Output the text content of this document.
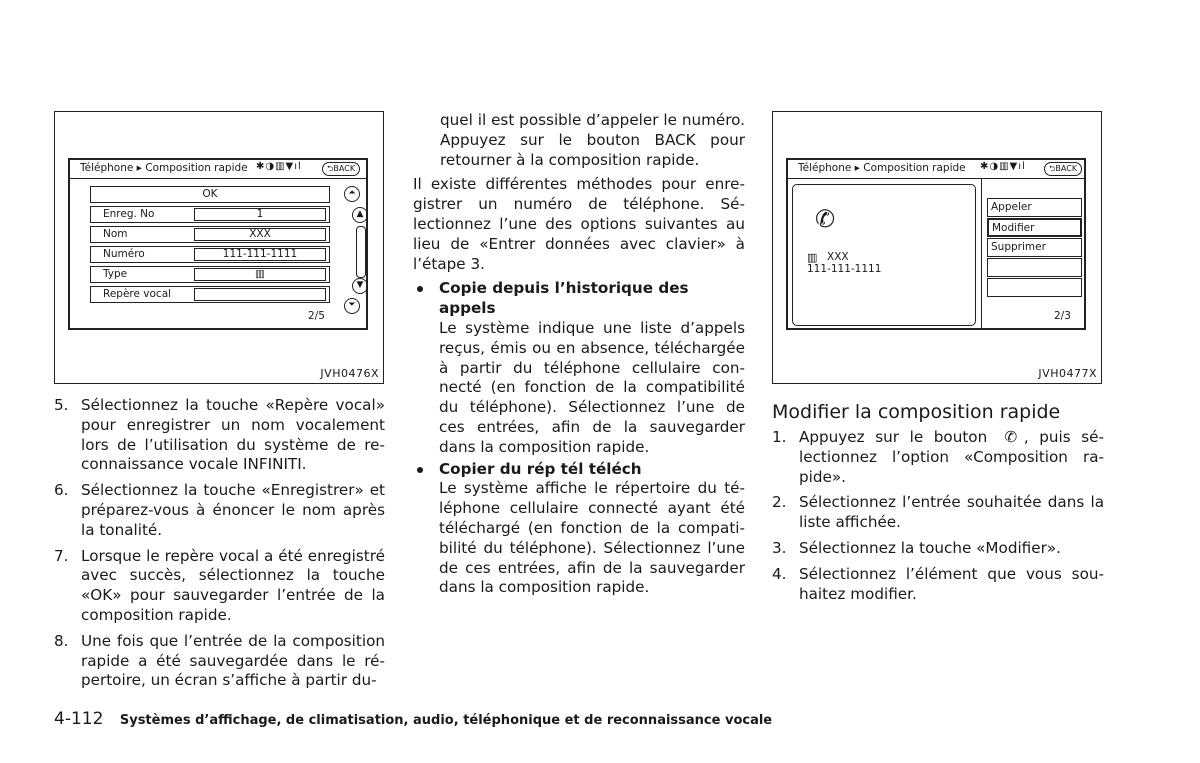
Téléphone ▸ Composition rapide ✱◑▥▼ıl	⮌BACK
OK
Enreg. No	1
Nom	XXX
Numéro	111-111-1111
Type	▥
Repère vocal
2/5
⏶
▲
▼
⏷
JVH0476X
5. Sélectionnez la touche «Repère vocal» pour enregistrer un nom vocalement lors de l’utilisation du système de reconnaissance vocale INFINITI.
6. Sélectionnez la touche «Enregistrer» et préparez-vous à énoncer le nom après la tonalité.
7. Lorsque le repère vocal a été enregistré avec succès, sélectionnez la touche «OK» pour sauvegarder l’entrée de la composition rapide.
8. Une fois que l’entrée de la composition rapide a été sauvegardée dans le répertoire, un écran s’affiche à partir du-

quel il est possible d’appeler le numéro. Appuyez sur le bouton BACK pour retourner à la composition rapide.

Il existe différentes méthodes pour enregistrer un numéro de téléphone. Sélectionnez l’une des options suivantes au lieu de «Entrer données avec clavier» à l’étape 3.

Copie depuis l’historique des appels
Le système indique une liste d’appels reçus, émis ou en absence, téléchargée à partir du téléphone cellulaire connecté (en fonction de la compatibilité du téléphone). Sélectionnez l’une de ces entrées, afin de la sauvegarder dans la composition rapide.
Copier du rép tél téléch
Le système affiche le répertoire du téléphone cellulaire connecté ayant été téléchargé (en fonction de la compatibilité du téléphone). Sélectionnez l’une de ces entrées, afin de la sauvegarder dans la composition rapide.
Téléphone ▸ Composition rapide ✱◑▥▼ıl	⮌BACK
✆
▥ XXX
111-111-1111
Appeler
Modifier
Supprimer
2/3
JVH0477X
Modifier la composition rapide
1. Appuyez sur le bouton ✆ , puis sélectionnez l’option «Composition rapide».
2. Sélectionnez l’entrée souhaitée dans la liste affichée.
3. Sélectionnez la touche «Modifier».
4. Sélectionnez l’élément que vous souhaitez modifier.
4-112 Systèmes d’affichage, de climatisation, audio, téléphonique et de reconnaissance vocale
